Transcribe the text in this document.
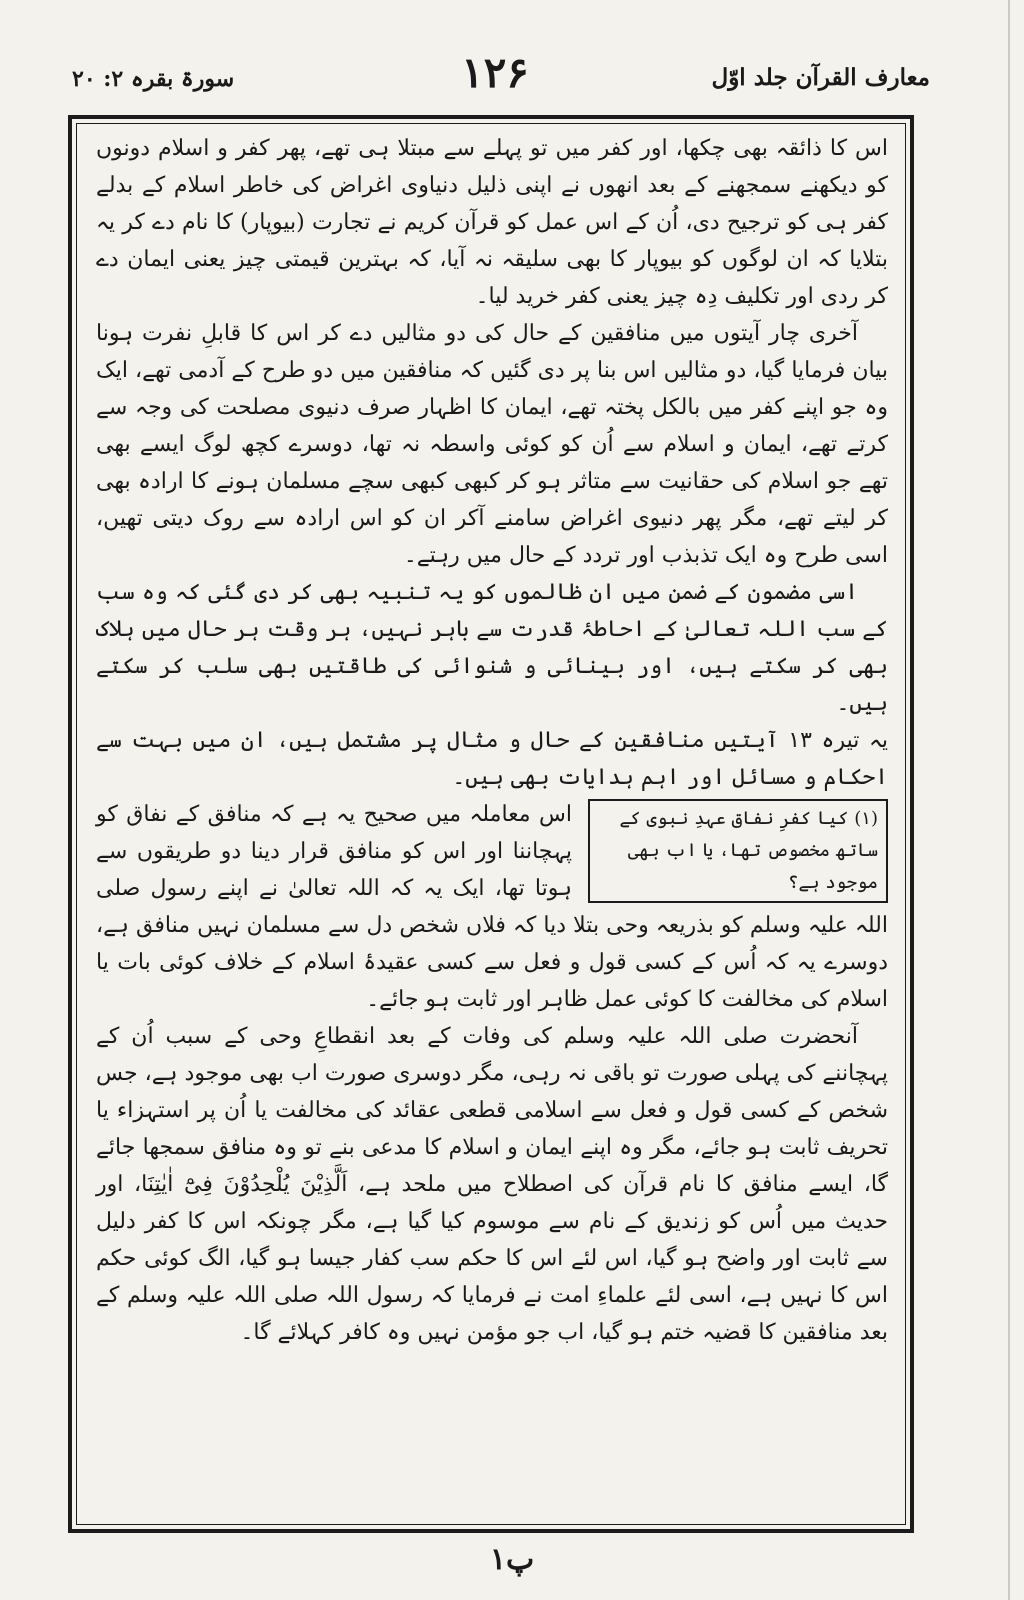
معارف القرآن جلد اوّل
۱۲۶
سورۃ بقرہ ۲: ۲۰

اس کا ذائقہ بھی چکھا، اور کفر میں تو پہلے سے مبتلا ہی تھے، پھر کفر و اسلام دونوں کو دیکھنے سمجھنے کے بعد انھوں نے اپنی ذلیل دنیاوی اغراض کی خاطر اسلام کے بدلے کفر ہی کو ترجیح دی، اُن کے اس عمل کو قرآن کریم نے تجارت (بیوپار) کا نام دے کر یہ بتلایا کہ ان لوگوں کو بیوپار کا بھی سلیقہ نہ آیا، کہ بہترین قیمتی چیز یعنی ایمان دے کر ردی اور تکلیف دِہ چیز یعنی کفر خرید لیا۔

آخری چار آیتوں میں منافقین کے حال کی دو مثالیں دے کر اس کا قابلِ نفرت ہونا بیان فرمایا گیا، دو مثالیں اس بنا پر دی گئیں کہ منافقین میں دو طرح کے آدمی تھے، ایک وہ جو اپنے کفر میں بالکل پختہ تھے، ایمان کا اظہار صرف دنیوی مصلحت کی وجہ سے کرتے تھے، ایمان و اسلام سے اُن کو کوئی واسطہ نہ تھا، دوسرے کچھ لوگ ایسے بھی تھے جو اسلام کی حقانیت سے متاثر ہو کر کبھی کبھی سچے مسلمان ہونے کا ارادہ بھی کر لیتے تھے، مگر پھر دنیوی اغراض سامنے آکر ان کو اس ارادہ سے روک دیتی تھیں، اسی طرح وہ ایک تذبذب اور تردد کے حال میں رہتے۔

اسی مضمون کے ضمن میں ان ظالموں کو یہ تنبیہ بھی کر دی گئی کہ وہ سب کے سب اللہ تعالیٰ کے احاطۂ قدرت سے باہر نہیں، ہر وقت ہر حال میں ہلاک بھی کر سکتے ہیں، اور بینائی و شنوائی کی طاقتیں بھی سلب کر سکتے ہیں۔

یہ تیرہ ۱۳ آیتیں منافقین کے حال و مثال پر مشتمل ہیں، ان میں بہت سے احکام و مسائل اور اہم ہدایات بھی ہیں۔

(۱) کیا کفرِ نفاق عہدِ نبوی کے ساتھ مخصوص تھا، یا اب بھی موجود ہے؟

اس معاملہ میں صحیح یہ ہے کہ منافق کے نفاق کو پہچاننا اور اس کو منافق قرار دینا دو طریقوں سے ہوتا تھا، ایک یہ کہ اللہ تعالیٰ نے اپنے رسول صلی اللہ علیہ وسلم کو بذریعہ وحی بتلا دیا کہ فلاں شخص دل سے مسلمان نہیں منافق ہے، دوسرے یہ کہ اُس کے کسی قول و فعل سے کسی عقیدۂ اسلام کے خلاف کوئی بات یا اسلام کی مخالفت کا کوئی عمل ظاہر اور ثابت ہو جائے۔

آنحضرت صلی اللہ علیہ وسلم کی وفات کے بعد انقطاعِ وحی کے سبب اُن کے پہچاننے کی پہلی صورت تو باقی نہ رہی، مگر دوسری صورت اب بھی موجود ہے، جس شخص کے کسی قول و فعل سے اسلامی قطعی عقائد کی مخالفت یا اُن پر استہزاء یا تحریف ثابت ہو جائے، مگر وہ اپنے ایمان و اسلام کا مدعی بنے تو وہ منافق سمجھا جائے گا، ایسے منافق کا نام قرآن کی اصطلاح میں ملحد ہے، اَلَّذِیْنَ یُلْحِدُوْنَ فِیْٓ اٰیٰتِنَا، اور حدیث میں اُس کو زندیق کے نام سے موسوم کیا گیا ہے، مگر چونکہ اس کا کفر دلیل سے ثابت اور واضح ہو گیا، اس لئے اس کا حکم سب کفار جیسا ہو گیا، الگ کوئی حکم اس کا نہیں ہے، اسی لئے علماءِ امت نے فرمایا کہ رسول اللہ صلی اللہ علیہ وسلم کے بعد منافقین کا قضیہ ختم ہو گیا، اب جو مؤمن نہیں وہ کافر کہلائے گا۔

پ۱
